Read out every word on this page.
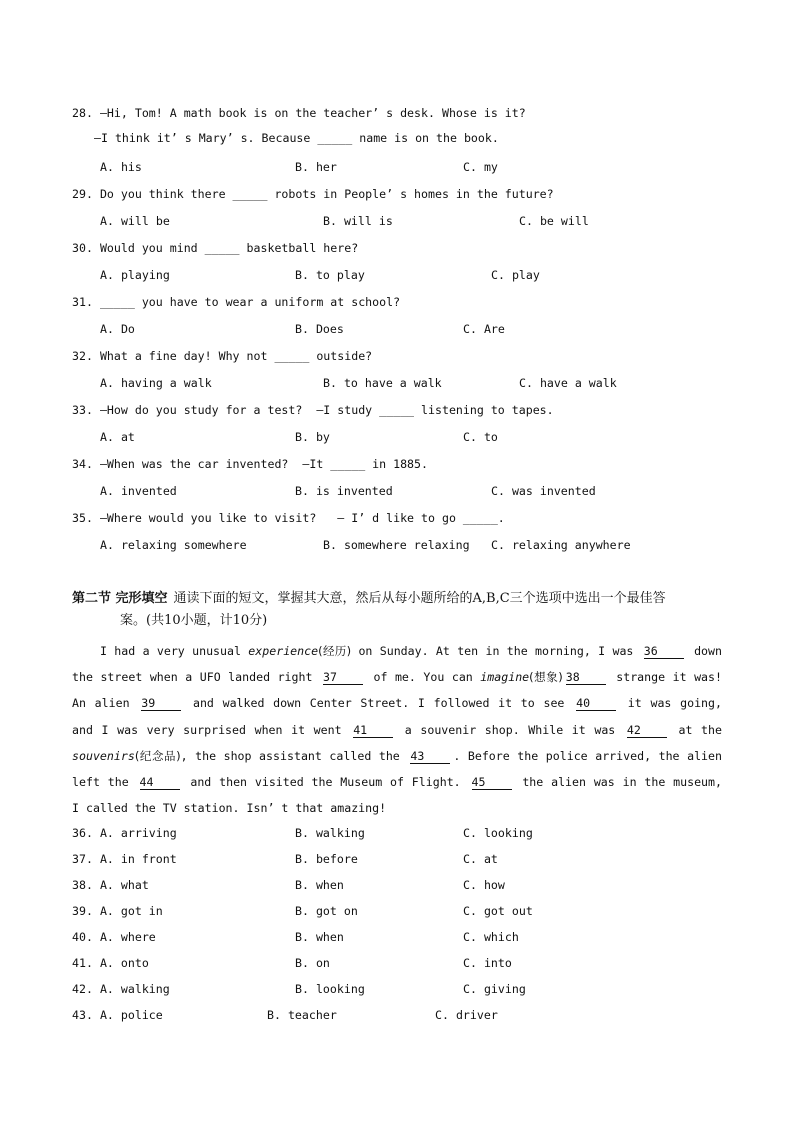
28. —Hi, Tom! A math book is on the teacher’ s desk. Whose is it?
—I think it’ s Mary’ s. Because _____ name is on the book.
A. his	B. her	C. my
29. Do you think there _____ robots in People’ s homes in the future?
A. will be	B. will is	C. be will
30. Would you mind _____ basketball here?
A. playing	B. to play	C. play
31. _____ you have to wear a uniform at school?
A. Do	B. Does	C. Are
32. What a fine day! Why not _____ outside?
A. having a walk	B. to have a walk	C. have a walk
33. —How do you study for a test?  —I study _____ listening to tapes.
A. at	B. by	C. to
34. —When was the car invented?  —It _____ in 1885.
A. invented	B. is invented	C. was invented
35. —Where would you like to visit?   — I’ d like to go _____.
A. relaxing somewhere	B. somewhere relaxing C. relaxing anywhere
第二节 完形填空 通读下面的短文，掌握其大意，然后从每小题所给的A,B,C三个选项中选出一个最佳答
案。(共10小题，计10分)
I had a very unusual experience(经历) on Sunday. At ten in the morning, I was 36	down the street when a UFO landed right 37	of me. You can imagine(想象) 38	strange it was! An alien 39	and walked down Center Street. I followed it to see 40	it was going, and I was very surprised when it went 41	a souvenir shop. While it was 42	at the souvenirs(纪念品), the shop assistant called the 43	. Before the police arrived, the alien left the 44	and then visited the Museum of Flight. 45	the alien was in the museum, I called the TV station. Isn’ t that amazing!
36. A. arriving	B. walking	C. looking
37. A. in front	B. before	C. at
38. A. what	B. when	C. how
39. A. got in	B. got on	C. got out
40. A. where	B. when	C. which
41. A. onto	B. on	C. into
42. A. walking	B. looking	C. giving
43. A. police	B. teacher	C. driver
